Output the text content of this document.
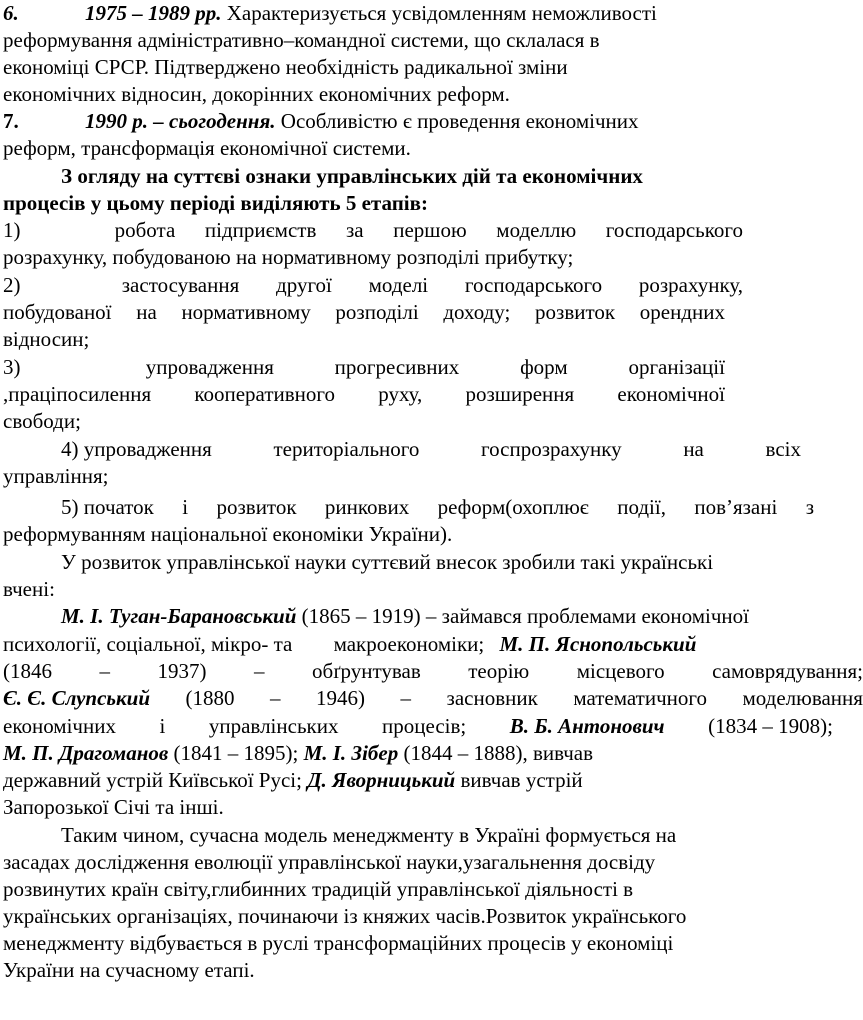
6.	1975 – 1989 рр. Характеризується усвідомленням неможливості
реформування адміністративно–командної системи, що склалася в
економіці СРСР. Підтверджено необхідність радикальної зміни
економічних відносин, докорінних економічних реформ.
7.	1990 р. – сьогодення. Особливістю є проведення економічних
реформ, трансформація економічної системи.
З огляду на суттєві ознаки управлінських дій та економічних
процесів у цьому періоді виділяють 5 етапів:
1)	робота підприємств за першою моделлю господарського
розрахунку, побудованою на нормативному розподілі прибутку;
2)	застосування другої моделі господарського розрахунку,
побудованої на нормативному розподілі доходу; розвиток орендних
відносин;
3)	упровадження	прогресивних	форм	організації
,праціпосилення кооперативного руху, розширення економічної
свободи;
4) упровадження	територіального	госпрозрахунку	на	всіх
управління;
5) початок і розвиток ринкових реформ(охоплює події, пов’язані з
реформуванням національної економіки України).
У розвиток управлінської науки суттєвий внесок зробили такі українські
вчені:
М. І. Туган-Барановський (1865 – 1919) – займався проблемами економічної
психології, соціальної, мікро- та макроекономіки; М. П. Яснопольський
(1846 – 1937) – обґрунтував теорію місцевого самоврядування;
Є. Є. Слупський (1880 – 1946) – засновник математичного моделювання
економічних і управлінських процесів; В. Б. Антонович (1834 – 1908);
М. П. Драгоманов (1841 – 1895); М. І. Зібер (1844 – 1888), вивчав
державний устрій Київської Русі; Д. Яворницький вивчав устрій
Запорозької Січі та інші.
Таким чином, сучасна модель менеджменту в Україні формується на
засадах дослідження еволюції управлінської науки,узагальнення досвіду
розвинутих країн світу,глибинних традицій управлінської діяльності в
українських організаціях, починаючи із княжих часів.Розвиток українського
менеджменту відбувається в руслі трансформаційних процесів у економіці
України на сучасному етапі.
